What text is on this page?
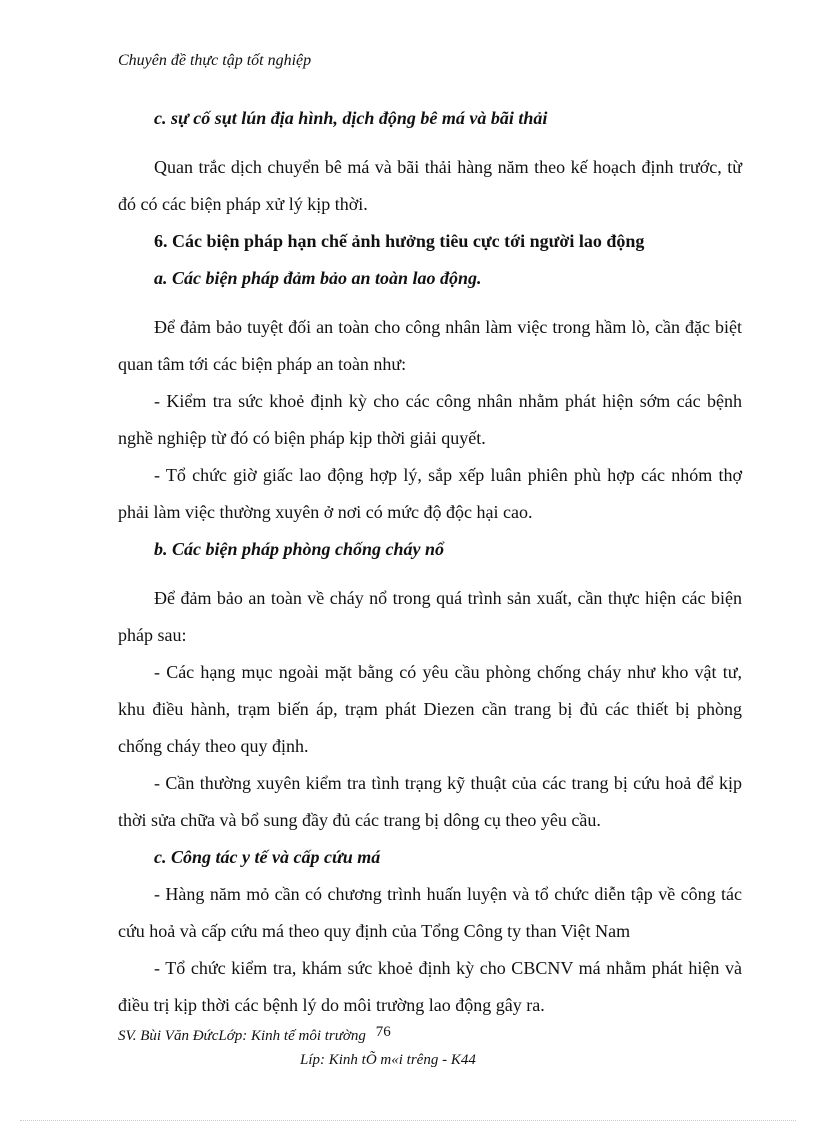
Chuyên đề thực tập tốt nghiệp

c. sự cố sụt lún địa hình, dịch động bê má và bãi thải

Quan trắc dịch chuyển bê má và bãi thải hàng năm theo kế hoạch định trước, từ đó có các biện pháp xử lý kịp thời.

6. Các biện pháp hạn chế ảnh hưởng tiêu cực tới người lao động

a. Các biện pháp đảm bảo an toàn lao động.

Để đảm bảo tuyệt đối an toàn cho công nhân làm việc trong hầm lò, cần đặc biệt quan tâm tới các biện pháp an toàn như:

- Kiểm tra sức khoẻ định kỳ cho các công nhân nhằm phát hiện sớm các bệnh nghề nghiệp từ đó có biện pháp kịp thời giải quyết.

- Tổ chức giờ giấc lao động hợp lý, sắp xếp luân phiên phù hợp các nhóm thợ phải làm việc thường xuyên ở nơi có mức độ độc hại cao.

b. Các biện pháp phòng chống cháy nổ

Để đảm bảo an toàn về cháy nổ trong quá trình sản xuất, cần thực hiện các biện pháp sau:

- Các hạng mục ngoài mặt bằng có yêu cầu phòng chống cháy như kho vật tư, khu điều hành, trạm biến áp, trạm phát Diezen cần trang bị đủ các thiết bị phòng chống cháy theo quy định.

- Cần thường xuyên kiểm tra tình trạng kỹ thuật của các trang bị cứu hoả để kịp thời sửa chữa và bổ sung đầy đủ các trang bị dông cụ theo yêu cầu.

c. Công tác y tế và cấp cứu má

- Hàng năm mỏ cần có chương trình huấn luyện và tổ chức diễn tập về công tác cứu hoả và cấp cứu má theo quy định của Tổng Công ty than Việt Nam

- Tổ chức kiểm tra, khám sức khoẻ định kỳ cho CBCNV má nhằm phát hiện và điều trị kịp thời các bệnh lý do môi trường lao động gây ra.

SV. Bùi Văn ĐứcLớp: Kinh tế môi trường 76
Líp: Kinh tÕ m«i trêng - K44
